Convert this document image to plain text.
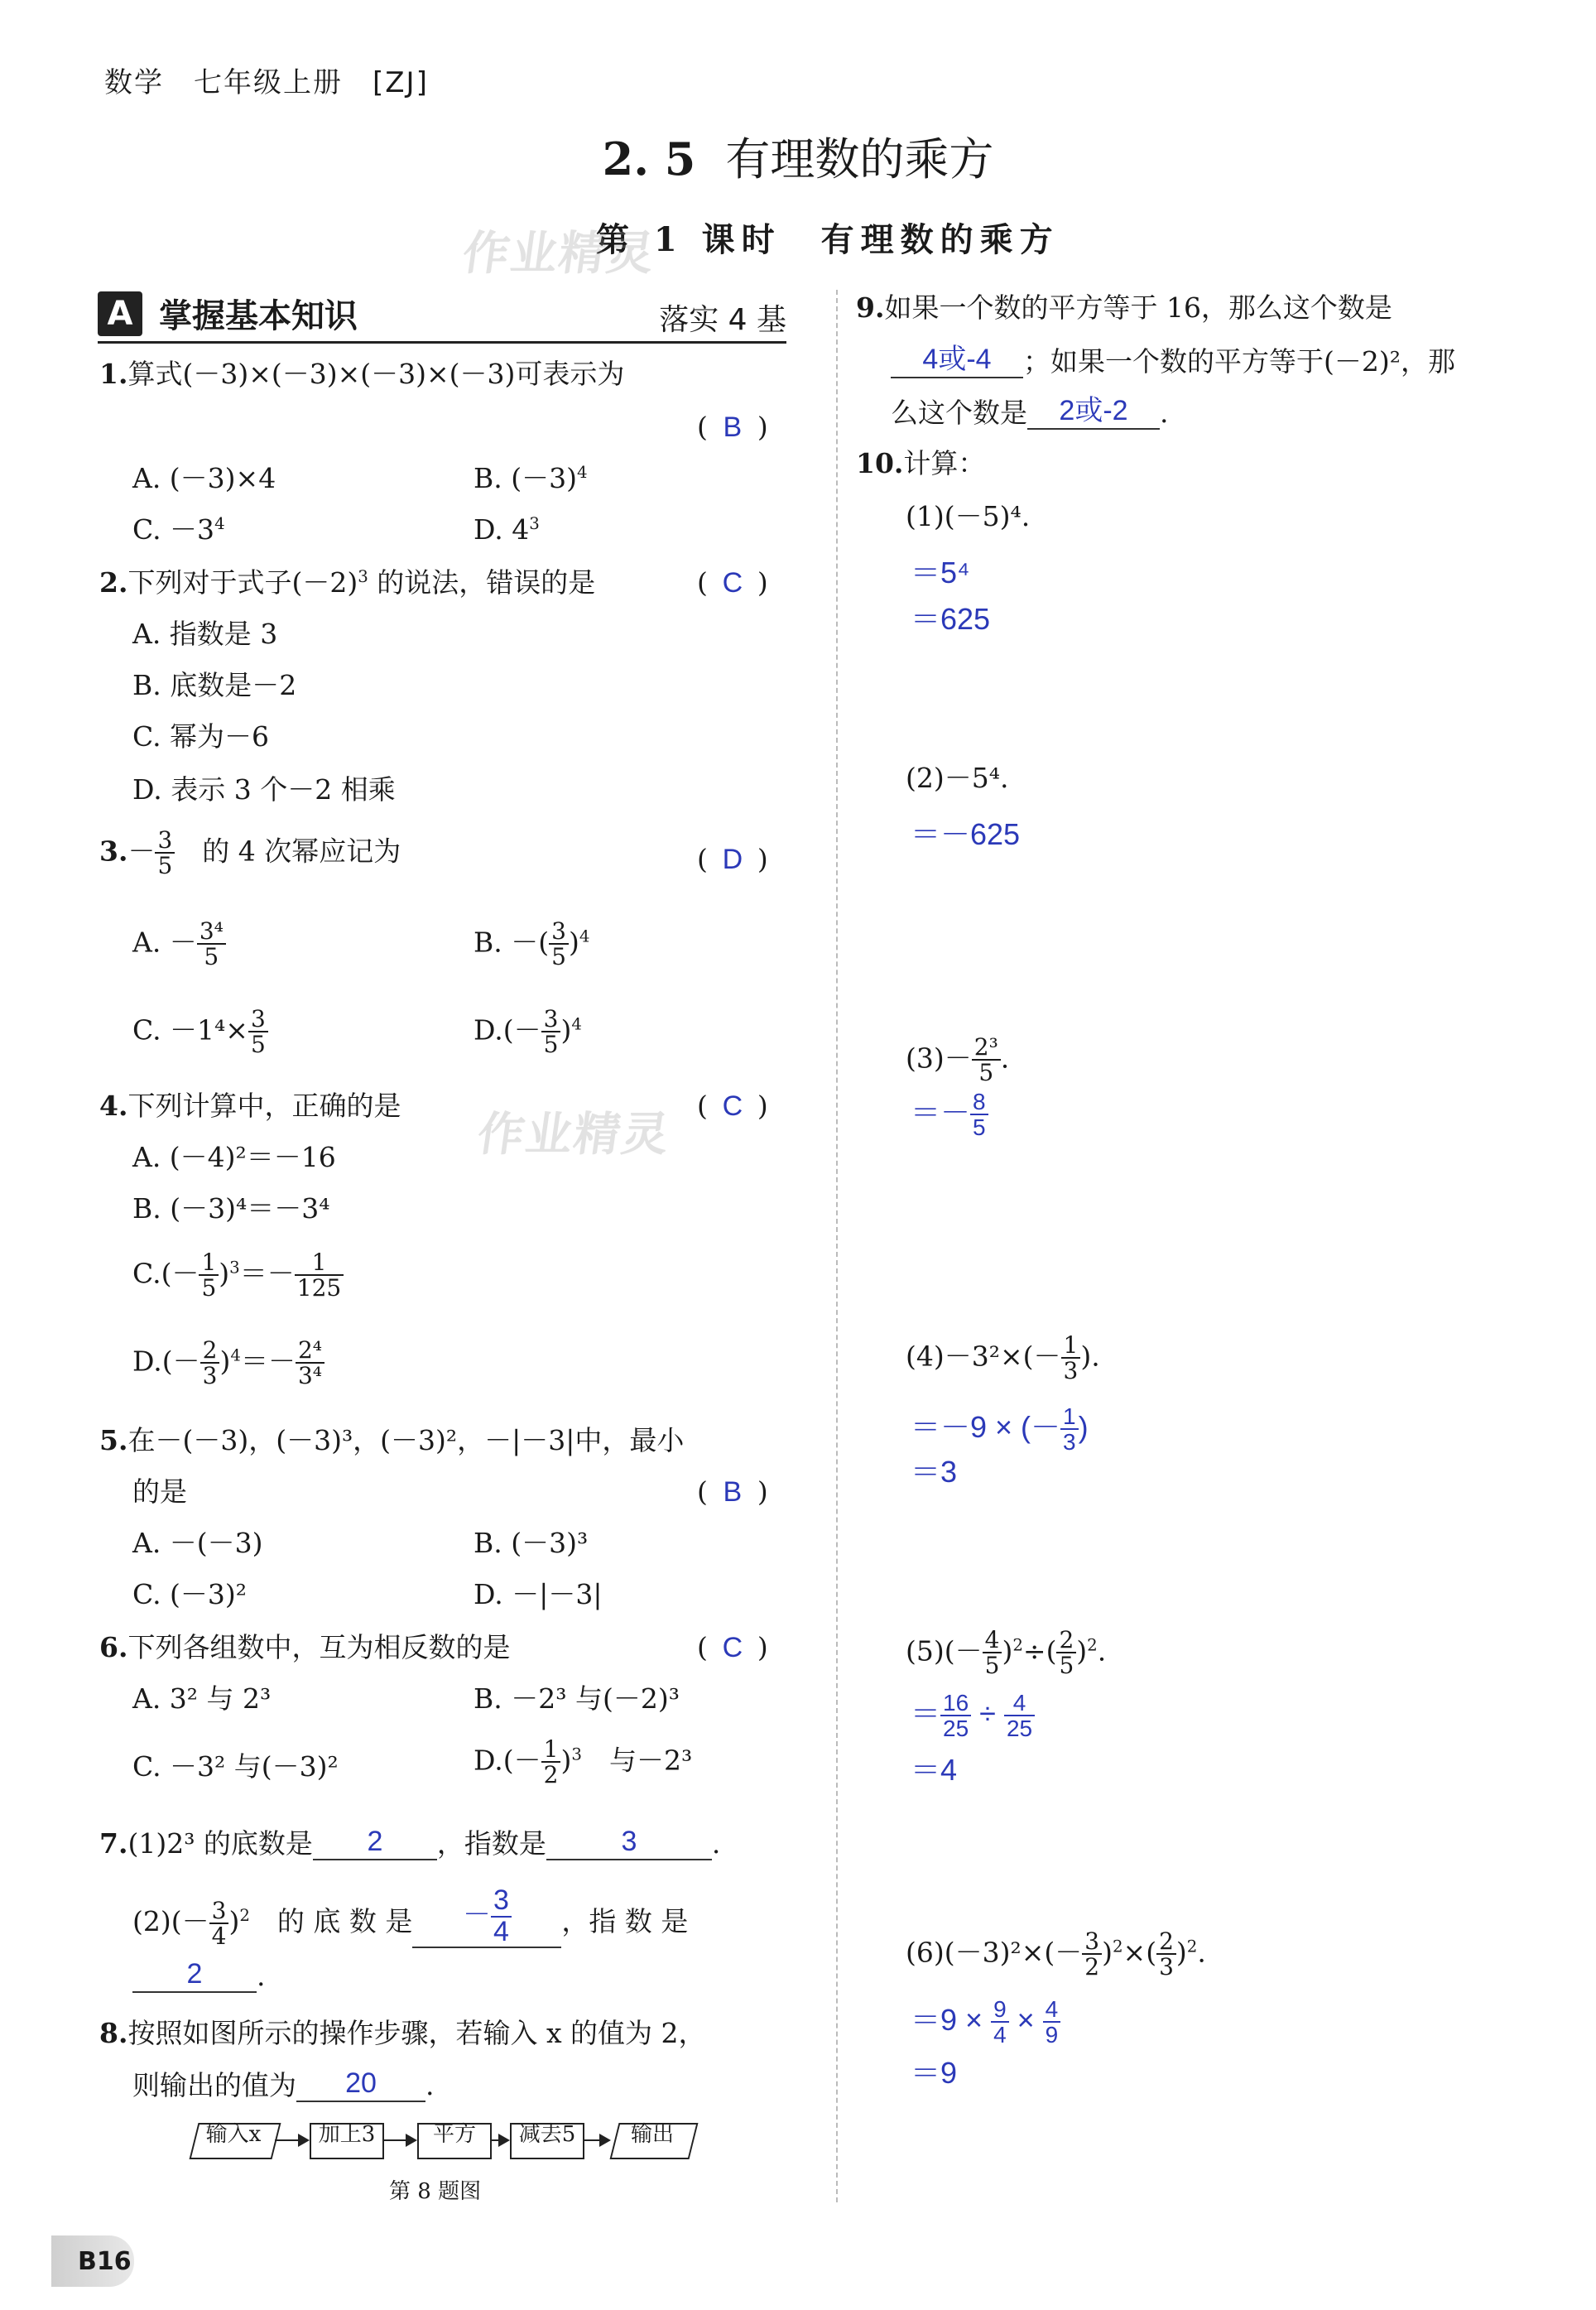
数学　七年级上册　[ZJ]
2. 5 有理数的乘方
第 1 课时　有理数的乘方
作业精灵
作业精灵
A 掌握基本知识	落实 4 基
1.算式(－3)×(－3)×(－3)×(－3)可表示为
( B )
A. (－3)×4	B. $(-3)^4$
C. $-3^4$	D. $4^3$
2.下列对于式子$(-2)^3$ 的说法，错误的是	( C )
A. 指数是 3
B. 底数是－2
C. 幂为－6
D. 表示 3 个－2 相乘
$3.- \frac{3}{5}$
　 的 4 次幂应记为	( D )
A. － $\frac{\text{3⁴}}{5}$	B. －( $\frac{3}{5} )^4$
C. $-1^4\times \frac{3}{5}$	$D.(- \frac{3}{5} )^4$
4.下列计算中，正确的是	( C )
A. (－4)²＝－16
B. (－3)⁴＝－3⁴
$C.(- \frac{1}{5} )^3=- \frac{1}{125}$
$D.(- \frac{2}{3} )^4=- \frac{\text{2⁴}}{\text{3⁴}}$
5.在－(－3)，(－3)³，(－3)²，－|－3|中，最小
的是	( B )
A. －(－3)	B. (－3)³
C. (－3)²	D. －|－3|
6.下列各组数中，互为相反数的是	( C )
A. 3² 与 2³	B. －2³ 与(－2)³
C. －3² 与(－3)²	$D.(- \frac{1}{2} )^3$　 与－2³
7.(1)2³ 的底数是 2 ，指数是	3	.
$(2)(- \frac{3}{4} )^2$　 的 底 数 是 － $\frac{3}{4}$ ，指 数 是
2 .
8.按照如图所示的操作步骤，若输入 x 的值为 2，
则输出的值为 20 .
输入x	加上3	平方	减去5	输出
第 8 题图
9.如果一个数的平方等于 16，那么这个数是
4或-4 ；如果一个数的平方等于(－2)²，那
么这个数是 2或-2 .
10.计算：
(1)(－5)⁴.
＝5⁴
＝625
(2)－5⁴.
＝－625
$(3)- \frac{\text{2³}}{5}$ .
＝－ $\frac{8}{5}$
$(4)-3^2\times(- \frac{1}{3}$ ).
＝－9 × (－ $\frac{1}{3}$ )
＝3
$(5)(- \frac{4}{5} )^2\div( \frac{2}{5} )^2$.
＝ $\frac{16}{25} \div \frac{4}{25}$
＝4
$(6)(-3)^2\times(- \frac{3}{2} )^2\times( \frac{2}{3} )^2$.
$=9 \times \frac{9}{4} \times \frac{4}{9}$
＝9
B16
